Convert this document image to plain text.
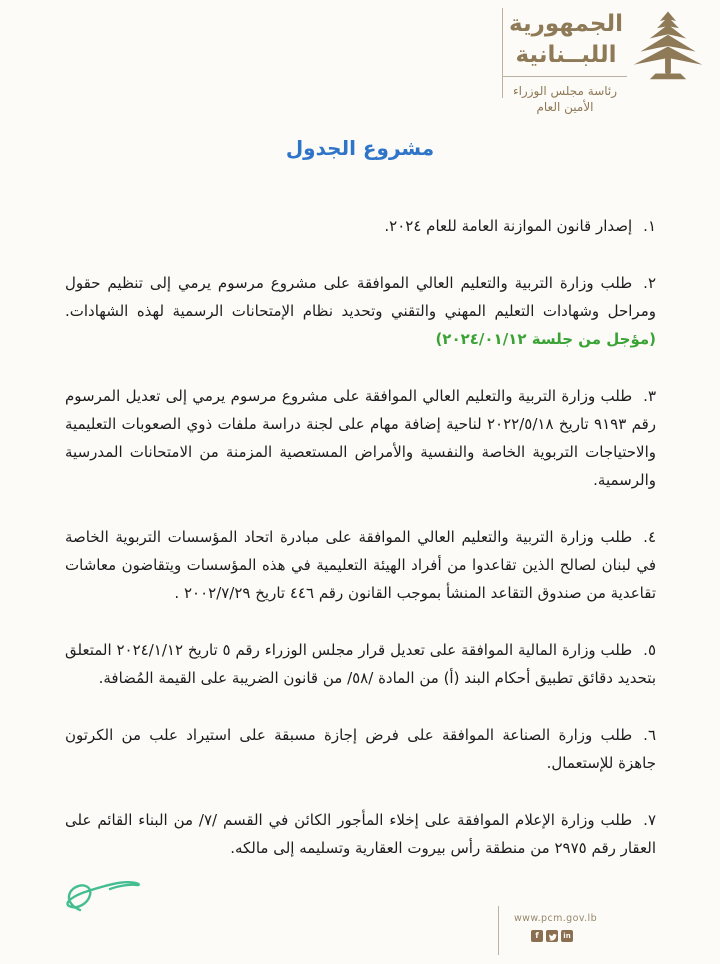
الجمهورية
اللبــنانية
رئاسة مجلس الوزراء
الأمين العام
مشروع الجدول
١.إصدار قانون الموازنة العامة للعام ٢٠٢٤.
٢.طلب وزارة التربية والتعليم العالي الموافقة على مشروع مرسوم يرمي إلى تنظيم حقول ومراحل وشهادات التعليم المهني والتقني وتحديد نظام الإمتحانات الرسمية لهذه الشهادات. (مؤجل من جلسة ٢٠٢٤/٠١/١٢)
٣.طلب وزارة التربية والتعليم العالي الموافقة على مشروع مرسوم يرمي إلى تعديل المرسوم رقم ٩١٩٣ تاريخ ٢٠٢٢/٥/١٨ لناحية إضافة مهام على لجنة دراسة ملفات ذوي الصعوبات التعليمية والاحتياجات التربوية الخاصة والنفسية والأمراض المستعصية المزمنة من الامتحانات المدرسية والرسمية.
٤.طلب وزارة التربية والتعليم العالي الموافقة على مبادرة اتحاد المؤسسات التربوية الخاصة في لبنان لصالح الذين تقاعدوا من أفراد الهيئة التعليمية في هذه المؤسسات ويتقاضون معاشات تقاعدية من صندوق التقاعد المنشأ بموجب القانون رقم ٤٤٦ تاريخ ٢٠٠٢/٧/٢٩ .
٥.طلب وزارة المالية الموافقة على تعديل قرار مجلس الوزراء رقم ٥ تاريخ ٢٠٢٤/١/١٢ المتعلق بتحديد دقائق تطبيق أحكام البند (أ) من المادة /٥٨/ من قانون الضريبة على القيمة المُضافة.
٦.طلب وزارة الصناعة الموافقة على فرض إجازة مسبقة على استيراد علب من الكرتون جاهزة للإستعمال.
٧.طلب وزارة الإعلام الموافقة على إخلاء المأجور الكائن في القسم /٧/ من البناء القائم على العقار رقم ٢٩٧٥ من منطقة رأس بيروت العقارية وتسليمه إلى مالكه.
www.pcm.gov.lb
f	in
